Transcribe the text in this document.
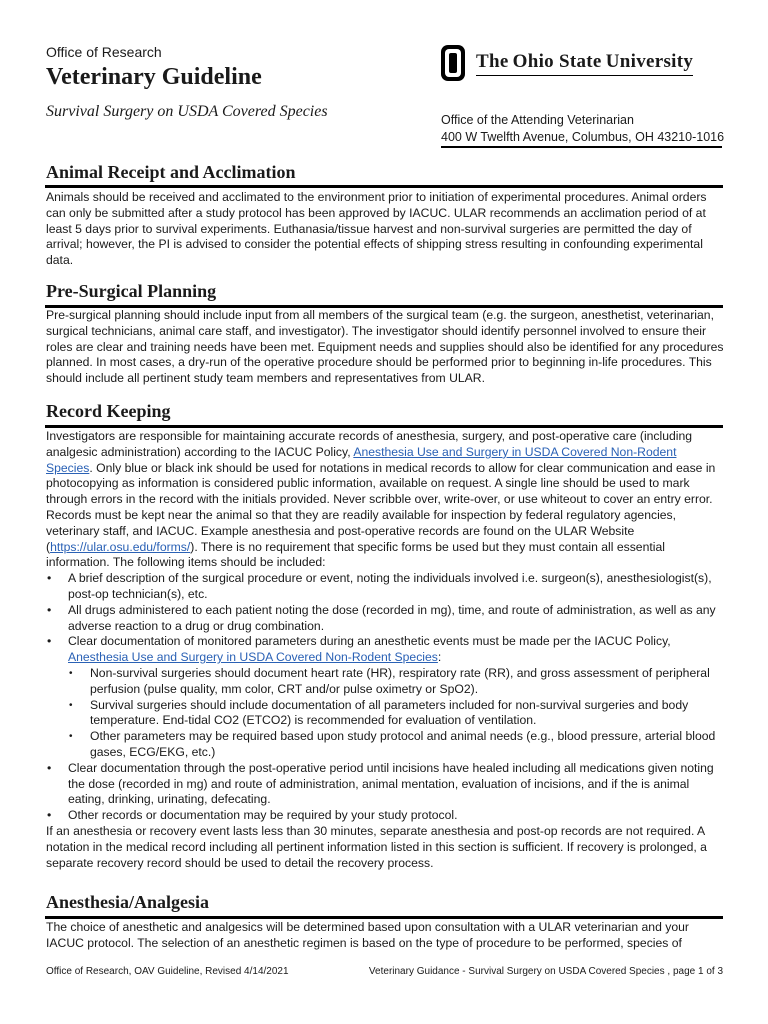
Office of Research
Veterinary Guideline
Survival Surgery on USDA Covered Species
The Ohio State University
Office of the Attending Veterinarian
400 W Twelfth Avenue, Columbus, OH 43210-1016
Animal Receipt and Acclimation

Animals should be received and acclimated to the environment prior to initiation of experimental procedures. Animal orders can only be submitted after a study protocol has been approved by IACUC. ULAR recommends an acclimation period of at least 5 days prior to survival experiments. Euthanasia/tissue harvest and non-survival surgeries are permitted the day of arrival; however, the PI is advised to consider the potential effects of shipping stress resulting in confounding experimental data.

Pre-Surgical Planning

Pre-surgical planning should include input from all members of the surgical team (e.g. the surgeon, anesthetist, veterinarian, surgical technicians, animal care staff, and investigator). The investigator should identify personnel involved to ensure their roles are clear and training needs have been met. Equipment needs and supplies should also be identified for any procedures planned. In most cases, a dry-run of the operative procedure should be performed prior to beginning in-life procedures. This should include all pertinent study team members and representatives from ULAR.

Record Keeping

Investigators are responsible for maintaining accurate records of anesthesia, surgery, and post-operative care (including analgesic administration) according to the IACUC Policy, Anesthesia Use and Surgery in USDA Covered Non-Rodent Species. Only blue or black ink should be used for notations in medical records to allow for clear communication and ease in photocopying as information is considered public information, available on request. A single line should be used to mark through errors in the record with the initials provided. Never scribble over, write-over, or use whiteout to cover an entry error. Records must be kept near the animal so that they are readily available for inspection by federal regulatory agencies, veterinary staff, and IACUC. Example anesthesia and post-operative records are found on the ULAR Website (https://ular.osu.edu/forms/). There is no requirement that specific forms be used but they must contain all essential information. The following items should be included:

• A brief description of the surgical procedure or event, noting the individuals involved i.e. surgeon(s), anesthesiologist(s), post-op technician(s), etc.
• All drugs administered to each patient noting the dose (recorded in mg), time, and route of administration, as well as any adverse reaction to a drug or drug combination.
• Clear documentation of monitored parameters during an anesthetic events must be made per the IACUC Policy, Anesthesia Use and Surgery in USDA Covered Non-Rodent Species:
• Non-survival surgeries should document heart rate (HR), respiratory rate (RR), and gross assessment of peripheral perfusion (pulse quality, mm color, CRT and/or pulse oximetry or SpO2).
• Survival surgeries should include documentation of all parameters included for non-survival surgeries and body temperature. End-tidal CO2 (ETCO2) is recommended for evaluation of ventilation.
• Other parameters may be required based upon study protocol and animal needs (e.g., blood pressure, arterial blood gases, ECG/EKG, etc.)
• Clear documentation through the post-operative period until incisions have healed including all medications given noting the dose (recorded in mg) and route of administration, animal mentation, evaluation of incisions, and if the is animal eating, drinking, urinating, defecating.
• Other records or documentation may be required by your study protocol.

If an anesthesia or recovery event lasts less than 30 minutes, separate anesthesia and post-op records are not required. A notation in the medical record including all pertinent information listed in this section is sufficient. If recovery is prolonged, a separate recovery record should be used to detail the recovery process.

Anesthesia/Analgesia

The choice of anesthetic and analgesics will be determined based upon consultation with a ULAR veterinarian and your IACUC protocol. The selection of an anesthetic regimen is based on the type of procedure to be performed, species of

Office of Research, OAV Guideline, Revised 4/14/2021	Veterinary Guidance - Survival Surgery on USDA Covered Species , page 1 of 3
